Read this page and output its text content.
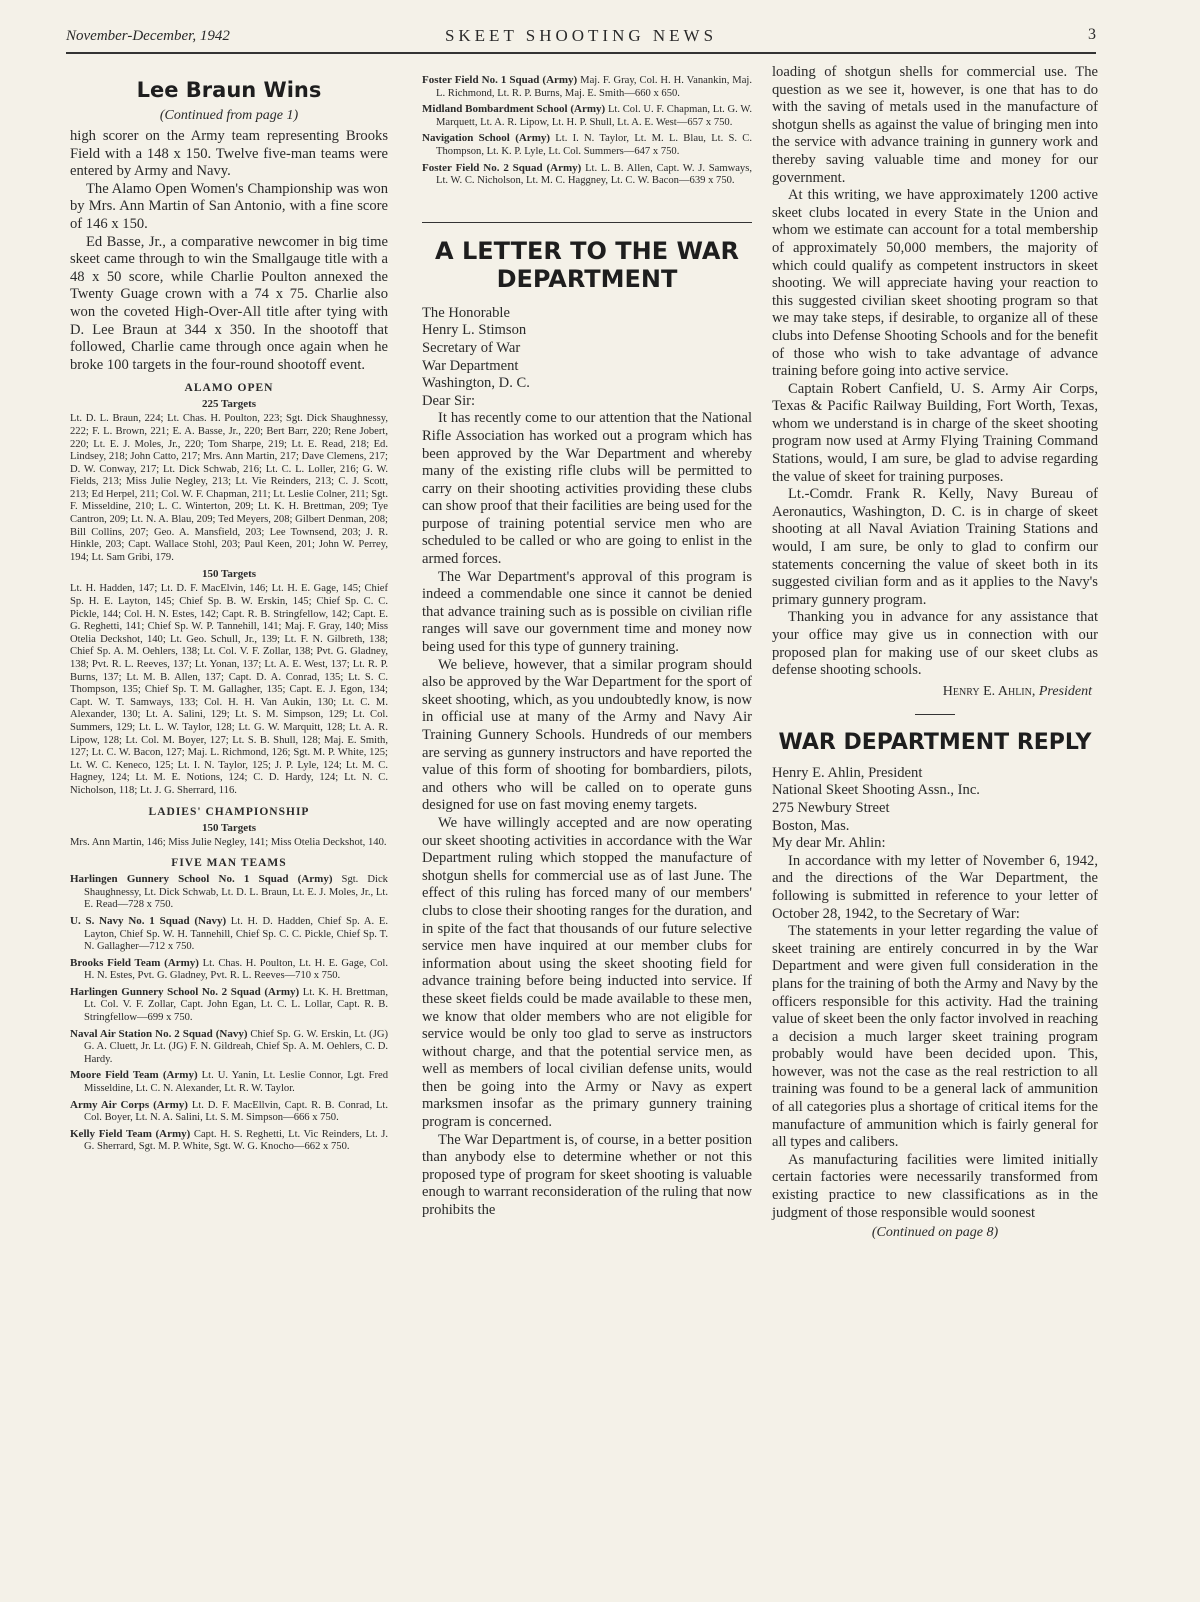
November-December, 1942	SKEET SHOOTING NEWS	3
Lee Braun Wins
(Continued from page 1)

high scorer on the Army team representing Brooks Field with a 148 x 150. Twelve five-man teams were entered by Army and Navy.

The Alamo Open Women's Championship was won by Mrs. Ann Martin of San Antonio, with a fine score of 146 x 150.

Ed Basse, Jr., a comparative newcomer in big time skeet came through to win the Smallgauge title with a 48 x 50 score, while Charlie Poulton annexed the Twenty Guage crown with a 74 x 75. Charlie also won the coveted High-Over-All title after tying with D. Lee Braun at 344 x 350. In the shootoff that followed, Charlie came through once again when he broke 100 targets in the four-round shootoff event.

ALAMO OPEN
225 Targets

Lt. D. L. Braun, 224; Lt. Chas. H. Poulton, 223; Sgt. Dick Shaughnessy, 222; F. L. Brown, 221; E. A. Basse, Jr., 220; Bert Barr, 220; Rene Jobert, 220; Lt. E. J. Moles, Jr., 220; Tom Sharpe, 219; Lt. E. Read, 218; Ed. Lindsey, 218; John Catto, 217; Mrs. Ann Martin, 217; Dave Clemens, 217; D. W. Conway, 217; Lt. Dick Schwab, 216; Lt. C. L. Loller, 216; G. W. Fields, 213; Miss Julie Negley, 213; Lt. Vie Reinders, 213; C. J. Scott, 213; Ed Herpel, 211; Col. W. F. Chapman, 211; Lt. Leslie Colner, 211; Sgt. F. Misseldine, 210; L. C. Winterton, 209; Lt. K. H. Brettman, 209; Tye Cantron, 209; Lt. N. A. Blau, 209; Ted Meyers, 208; Gilbert Denman, 208; Bill Collins, 207; Geo. A. Mansfield, 203; Lee Townsend, 203; J. R. Hinkle, 203; Capt. Wallace Stohl, 203; Paul Keen, 201; John W. Perrey, 194; Lt. Sam Gribi, 179.

150 Targets

Lt. H. Hadden, 147; Lt. D. F. MacElvin, 146; Lt. H. E. Gage, 145; Chief Sp. H. E. Layton, 145; Chief Sp. B. W. Erskin, 145; Chief Sp. C. C. Pickle, 144; Col. H. N. Estes, 142; Capt. R. B. Stringfellow, 142; Capt. E. G. Reghetti, 141; Chief Sp. W. P. Tannehill, 141; Maj. F. Gray, 140; Miss Otelia Deckshot, 140; Lt. Geo. Schull, Jr., 139; Lt. F. N. Gilbreth, 138; Chief Sp. A. M. Oehlers, 138; Lt. Col. V. F. Zollar, 138; Pvt. G. Gladney, 138; Pvt. R. L. Reeves, 137; Lt. Yonan, 137; Lt. A. E. West, 137; Lt. R. P. Burns, 137; Lt. M. B. Allen, 137; Capt. D. A. Conrad, 135; Lt. S. C. Thompson, 135; Chief Sp. T. M. Gallagher, 135; Capt. E. J. Egon, 134; Capt. W. T. Samways, 133; Col. H. H. Van Aukin, 130; Lt. C. M. Alexander, 130; Lt. A. Salini, 129; Lt. S. M. Simpson, 129; Lt. Col. Summers, 129; Lt. L. W. Taylor, 128; Lt. G. W. Marquitt, 128; Lt. A. R. Lipow, 128; Lt. Col. M. Boyer, 127; Lt. S. B. Shull, 128; Maj. E. Smith, 127; Lt. C. W. Bacon, 127; Maj. L. Richmond, 126; Sgt. M. P. White, 125; Lt. W. C. Keneco, 125; Lt. I. N. Taylor, 125; J. P. Lyle, 124; Lt. M. C. Hagney, 124; Lt. M. E. Notions, 124; C. D. Hardy, 124; Lt. N. C. Nicholson, 118; Lt. J. G. Sherrard, 116.

LADIES' CHAMPIONSHIP
150 Targets

Mrs. Ann Martin, 146; Miss Julie Negley, 141; Miss Otelia Deckshot, 140.

FIVE MAN TEAMS

Harlingen Gunnery School No. 1 Squad (Army) Sgt. Dick Shaughnessy, Lt. Dick Schwab, Lt. D. L. Braun, Lt. E. J. Moles, Jr., Lt. E. Read—728 x 750.

U. S. Navy No. 1 Squad (Navy) Lt. H. D. Hadden, Chief Sp. A. E. Layton, Chief Sp. W. H. Tannehill, Chief Sp. C. C. Pickle, Chief Sp. T. N. Gallagher—712 x 750.

Brooks Field Team (Army) Lt. Chas. H. Poulton, Lt. H. E. Gage, Col. H. N. Estes, Pvt. G. Gladney, Pvt. R. L. Reeves—710 x 750.

Harlingen Gunnery School No. 2 Squad (Army) Lt. K. H. Brettman, Lt. Col. V. F. Zollar, Capt. John Egan, Lt. C. L. Lollar, Capt. R. B. Stringfellow—699 x 750.

Naval Air Station No. 2 Squad (Navy) Chief Sp. G. W. Erskin, Lt. (JG) G. A. Cluett, Jr. Lt. (JG) F. N. Gildreah, Chief Sp. A. M. Oehlers, C. D. Hardy.

Moore Field Team (Army) Lt. U. Yanin, Lt. Leslie Connor, Lgt. Fred Misseldine, Lt. C. N. Alexander, Lt. R. W. Taylor.

Army Air Corps (Army) Lt. D. F. MacEllvin, Capt. R. B. Conrad, Lt. Col. Boyer, Lt. N. A. Salini, Lt. S. M. Simpson—666 x 750.

Kelly Field Team (Army) Capt. H. S. Reghetti, Lt. Vic Reinders, Lt. J. G. Sherrard, Sgt. M. P. White, Sgt. W. G. Knocho—662 x 750.

Foster Field No. 1 Squad (Army) Maj. F. Gray, Col. H. H. Vanankin, Maj. L. Richmond, Lt. R. P. Burns, Maj. E. Smith—660 x 650.

Midland Bombardment School (Army) Lt. Col. U. F. Chapman, Lt. G. W. Marquett, Lt. A. R. Lipow, Lt. H. P. Shull, Lt. A. E. West—657 x 750.

Navigation School (Army) Lt. I. N. Taylor, Lt. M. L. Blau, Lt. S. C. Thompson, Lt. K. P. Lyle, Lt. Col. Summers—647 x 750.

Foster Field No. 2 Squad (Army) Lt. L. B. Allen, Capt. W. J. Samways, Lt. W. C. Nicholson, Lt. M. C. Haggney, Lt. C. W. Bacon—639 x 750.

A LETTER TO THE WAR DEPARTMENT

The Honorable

Henry L. Stimson

Secretary of War

War Department

Washington, D. C.

Dear Sir:

It has recently come to our attention that the National Rifle Association has worked out a program which has been approved by the War Department and whereby many of the existing rifle clubs will be permitted to carry on their shooting activities providing these clubs can show proof that their facilities are being used for the purpose of training potential service men who are scheduled to be called or who are going to enlist in the armed forces.

The War Department's approval of this program is indeed a commendable one since it cannot be denied that advance training such as is possible on civilian rifle ranges will save our government time and money now being used for this type of gunnery training.

We believe, however, that a similar program should also be approved by the War Department for the sport of skeet shooting, which, as you undoubtedly know, is now in official use at many of the Army and Navy Air Training Gunnery Schools. Hundreds of our members are serving as gunnery instructors and have reported the value of this form of shooting for bombardiers, pilots, and others who will be called on to operate guns designed for use on fast moving enemy targets.

We have willingly accepted and are now operating our skeet shooting activities in accordance with the War Department ruling which stopped the manufacture of shotgun shells for commercial use as of last June. The effect of this ruling has forced many of our members' clubs to close their shooting ranges for the duration, and in spite of the fact that thousands of our future selective service men have inquired at our member clubs for information about using the skeet shooting field for advance training before being inducted into service. If these skeet fields could be made available to these men, we know that older members who are not eligible for service would be only too glad to serve as instructors without charge, and that the potential service men, as well as members of local civilian defense units, would then be going into the Army or Navy as expert marksmen insofar as the primary gunnery training program is concerned.

The War Department is, of course, in a better position than anybody else to determine whether or not this proposed type of program for skeet shooting is valuable enough to warrant reconsideration of the ruling that now prohibits the

loading of shotgun shells for commercial use. The question as we see it, however, is one that has to do with the saving of metals used in the manufacture of shotgun shells as against the value of bringing men into the service with advance training in gunnery work and thereby saving valuable time and money for our government.

At this writing, we have approximately 1200 active skeet clubs located in every State in the Union and whom we estimate can account for a total membership of approximately 50,000 members, the majority of which could qualify as competent instructors in skeet shooting. We will appreciate having your reaction to this suggested civilian skeet shooting program so that we may take steps, if desirable, to organize all of these clubs into Defense Shooting Schools and for the benefit of those who wish to take advantage of advance training before going into active service.

Captain Robert Canfield, U. S. Army Air Corps, Texas & Pacific Railway Building, Fort Worth, Texas, whom we understand is in charge of the skeet shooting program now used at Army Flying Training Command Stations, would, I am sure, be glad to advise regarding the value of skeet for training purposes.

Lt.-Comdr. Frank R. Kelly, Navy Bureau of Aeronautics, Washington, D. C. is in charge of skeet shooting at all Naval Aviation Training Stations and would, I am sure, be only to glad to confirm our statements concerning the value of skeet both in its suggested civilian form and as it applies to the Navy's primary gunnery program.

Thanking you in advance for any assistance that your office may give us in connection with our proposed plan for making use of our skeet clubs as defense shooting schools.

Henry E. Ahlin, President
WAR DEPARTMENT REPLY

Henry E. Ahlin, President

National Skeet Shooting Assn., Inc.

275 Newbury Street

Boston, Mas.

My dear Mr. Ahlin:

In accordance with my letter of November 6, 1942, and the directions of the War Department, the following is submitted in reference to your letter of October 28, 1942, to the Secretary of War:

The statements in your letter regarding the value of skeet training are entirely concurred in by the War Department and were given full consideration in the plans for the training of both the Army and Navy by the officers responsible for this activity. Had the training value of skeet been the only factor involved in reaching a decision a much larger skeet training program probably would have been decided upon. This, however, was not the case as the real restriction to all training was found to be a general lack of ammunition of all categories plus a shortage of critical items for the manufacture of ammunition which is fairly general for all types and calibers.

As manufacturing facilities were limited initially certain factories were necessarily transformed from existing practice to new classifications as in the judgment of those responsible would soonest

(Continued on page 8)
